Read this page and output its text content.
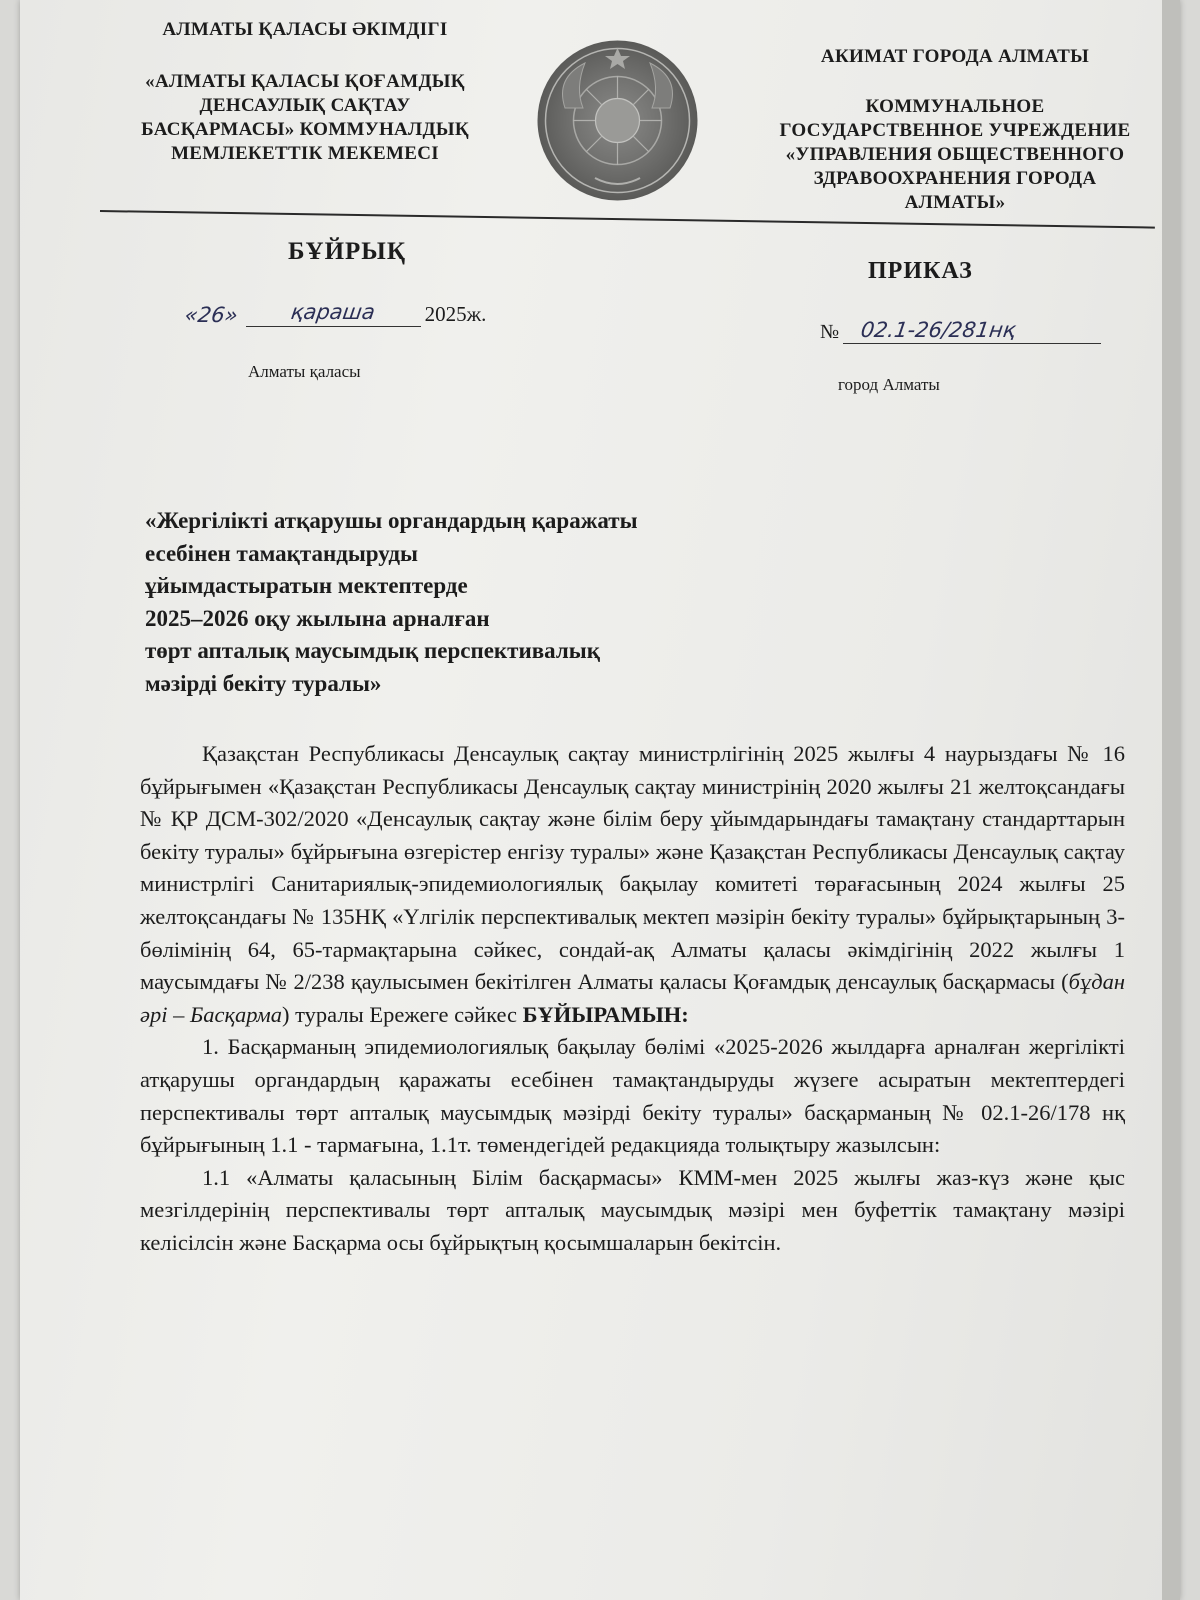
АЛМАТЫ ҚАЛАСЫ ӘКІМДІГІ
«АЛМАТЫ ҚАЛАСЫ ҚОҒАМДЫҚ
ДЕНСАУЛЫҚ САҚТАУ
БАСҚАРМАСЫ» КОММУНАЛДЫҚ
МЕМЛЕКЕТТІК МЕКЕМЕСІ
АКИМАТ ГОРОДА АЛМАТЫ
КОММУНАЛЬНОЕ
ГОСУДАРСТВЕННОЕ УЧРЕЖДЕНИЕ
«УПРАВЛЕНИЯ ОБЩЕСТВЕННОГО
ЗДРАВООХРАНЕНИЯ ГОРОДА
АЛМАТЫ»
БҰЙРЫҚ
ПРИКАЗ
«26»	қараша	2025ж.
Алматы қаласы
№ 02.1-26/281нқ
город Алматы
«Жергілікті атқарушы органдардың қаражаты
есебінен тамақтандыруды
ұйымдастыратын мектептерде
2025–2026 оқу жылына арналған
төрт апталық маусымдық перспективалық
мәзірді бекіту туралы»

Қазақстан Республикасы Денсаулық сақтау министрлігінің 2025 жылғы 4 наурыздағы № 16 бұйрығымен «Қазақстан Республикасы Денсаулық сақтау министрінің 2020 жылғы 21 желтоқсандағы № ҚР ДСМ-302/2020 «Денсаулық сақтау және білім беру ұйымдарындағы тамақтану стандарттарын бекіту туралы» бұйрығына өзгерістер енгізу туралы» және Қазақстан Республикасы Денсаулық сақтау министрлігі Санитариялық-эпидемиологиялық бақылау комитеті төрағасының 2024 жылғы 25 желтоқсандағы № 135НҚ «Үлгілік перспективалық мектеп мәзірін бекіту туралы» бұйрықтарының 3-бөлімінің 64, 65-тармақтарына сәйкес, сондай-ақ Алматы қаласы әкімдігінің 2022 жылғы 1 маусымдағы № 2/238 қаулысымен бекітілген Алматы қаласы Қоғамдық денсаулық басқармасы (бұдан әрі – Басқарма) туралы Ережеге сәйкес БҰЙЫРАМЫН:

1. Басқарманың эпидемиологиялық бақылау бөлімі «2025-2026 жылдарға арналған жергілікті атқарушы органдардың қаражаты есебінен тамақтандыруды жүзеге асыратын мектептердегі перспективалы төрт апталық маусымдық мәзірді бекіту туралы» басқарманың № 02.1-26/178 нқ бұйрығының 1.1 - тармағына, 1.1т. төмендегідей редакцияда толықтыру жазылсын:

1.1 «Алматы қаласының Білім басқармасы» КММ-мен 2025 жылғы жаз-күз және қыс мезгілдерінің перспективалы төрт апталық маусымдық мәзірі мен буфеттік тамақтану мәзірі келісілсін және Басқарма осы бұйрықтың қосымшаларын бекітсін.
